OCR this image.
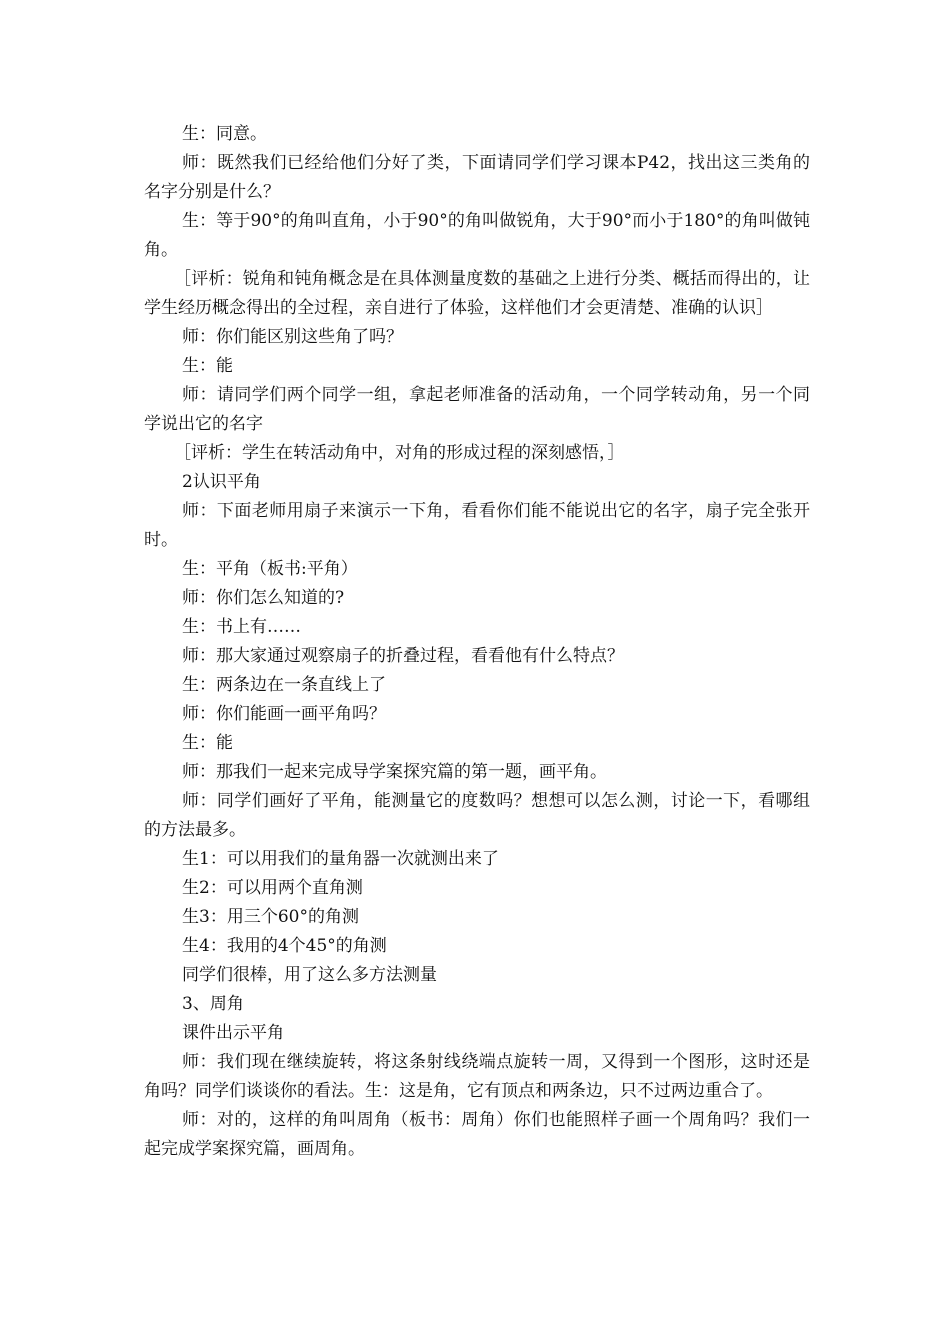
生：同意。

师：既然我们已经给他们分好了类，下面请同学们学习课本P42，找出这三类角的名字分别是什么？

生：等于90°的角叫直角，小于90°的角叫做锐角，大于90°而小于180°的角叫做钝角。

［评析：锐角和钝角概念是在具体测量度数的基础之上进行分类、概括而得出的，让学生经历概念得出的全过程，亲自进行了体验，这样他们才会更清楚、准确的认识］

师：你们能区别这些角了吗？

生：能

师：请同学们两个同学一组，拿起老师准备的活动角，一个同学转动角，另一个同学说出它的名字

［评析：学生在转活动角中，对角的形成过程的深刻感悟，］

2认识平角

师：下面老师用扇子来演示一下角，看看你们能不能说出它的名字，扇子完全张开时。

生：平角（板书:平角）

师：你们怎么知道的?

生：书上有……

师：那大家通过观察扇子的折叠过程，看看他有什么特点？

生：两条边在一条直线上了

师：你们能画一画平角吗？

生：能

师：那我们一起来完成导学案探究篇的第一题，画平角。

师：同学们画好了平角，能测量它的度数吗？想想可以怎么测，讨论一下，看哪组的方法最多。

生1：可以用我们的量角器一次就测出来了

生2：可以用两个直角测

生3：用三个60°的角测

生4：我用的4个45°的角测

同学们很棒，用了这么多方法测量

3、周角

课件出示平角

师：我们现在继续旋转，将这条射线绕端点旋转一周，又得到一个图形，这时还是角吗？同学们谈谈你的看法。生：这是角，它有顶点和两条边，只不过两边重合了。

师：对的，这样的角叫周角（板书：周角）你们也能照样子画一个周角吗？我们一起完成学案探究篇，画周角。
